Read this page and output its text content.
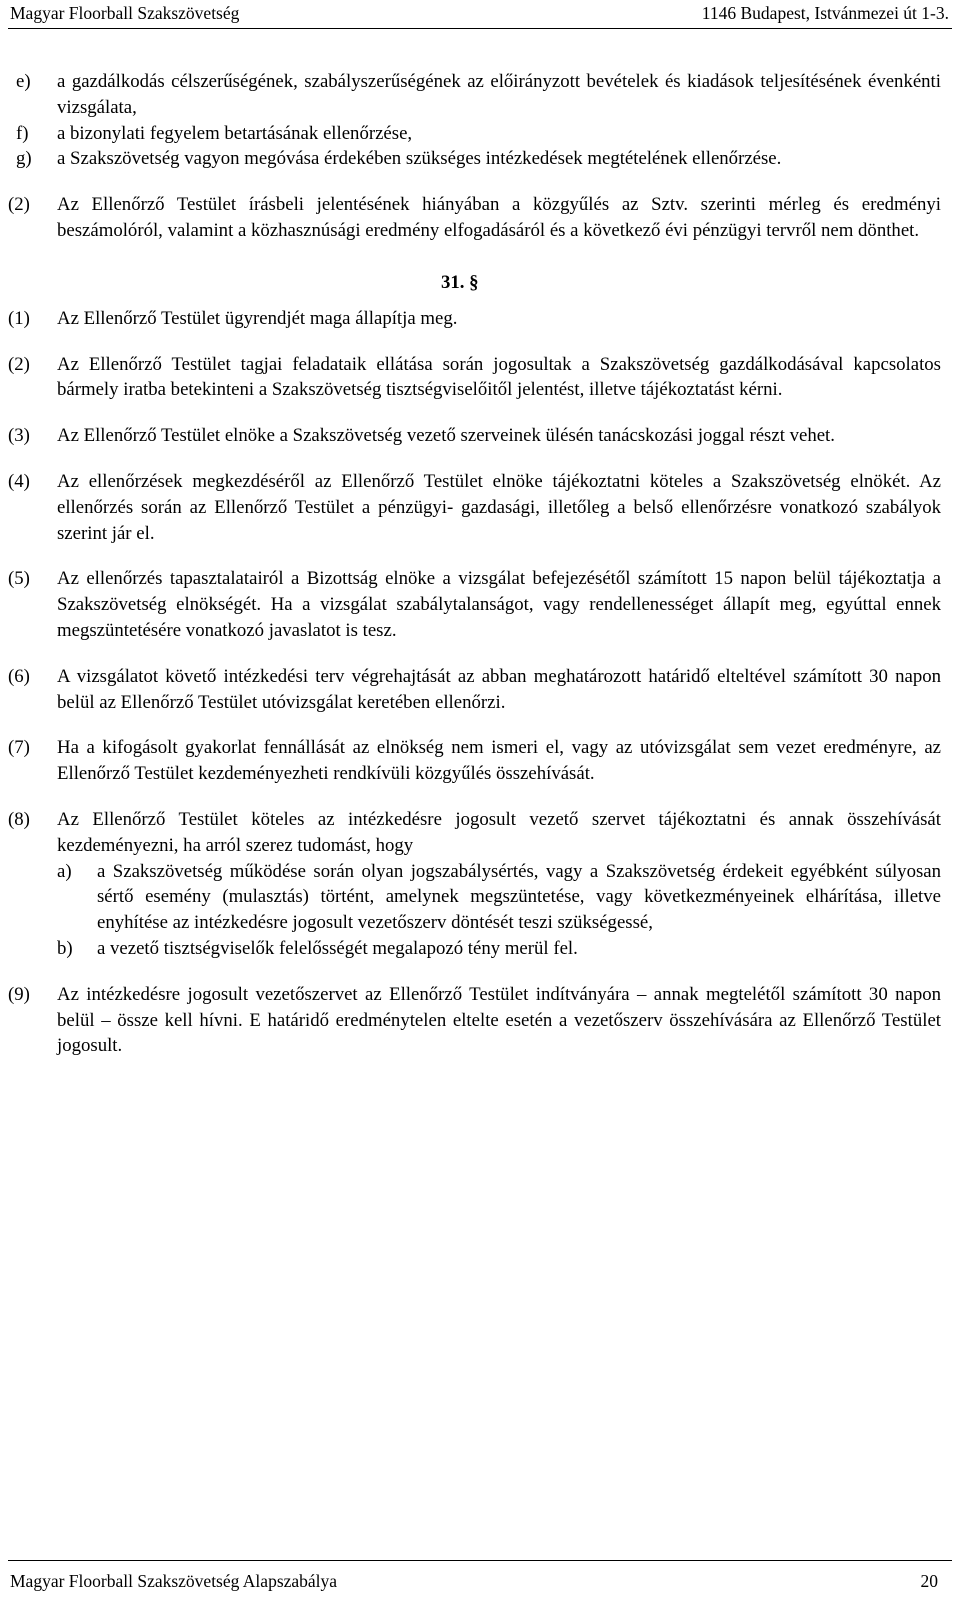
Magyar Floorball Szakszövetség	1146 Budapest, Istvánmezei út 1-3.
e) a gazdálkodás célszerűségének, szabályszerűségének az előirányzott bevételek és kiadások teljesítésének évenkénti vizsgálata,
f) a bizonylati fegyelem betartásának ellenőrzése,
g) a Szakszövetség vagyon megóvása érdekében szükséges intézkedések megtételének ellenőrzése.
(2) Az Ellenőrző Testület írásbeli jelentésének hiányában a közgyűlés az Sztv. szerinti mérleg és eredményi beszámolóról, valamint a közhasznúsági eredmény elfogadásáról és a következő évi pénzügyi tervről nem dönthet.
31. §
(1) Az Ellenőrző Testület ügyrendjét maga állapítja meg.
(2) Az Ellenőrző Testület tagjai feladataik ellátása során jogosultak a Szakszövetség gazdálkodásával kapcsolatos bármely iratba betekinteni a Szakszövetség tisztségviselőitől jelentést, illetve tájékoztatást kérni.
(3) Az Ellenőrző Testület elnöke a Szakszövetség vezető szerveinek ülésén tanácskozási joggal részt vehet.
(4) Az ellenőrzések megkezdéséről az Ellenőrző Testület elnöke tájékoztatni köteles a Szakszövetség elnökét. Az ellenőrzés során az Ellenőrző Testület a pénzügyi- gazdasági, illetőleg a belső ellenőrzésre vonatkozó szabályok szerint jár el.
(5) Az ellenőrzés tapasztalatairól a Bizottság elnöke a vizsgálat befejezésétől számított 15 napon belül tájékoztatja a Szakszövetség elnökségét. Ha a vizsgálat szabálytalanságot, vagy rendellenességet állapít meg, egyúttal ennek megszüntetésére vonatkozó javaslatot is tesz.
(6) A vizsgálatot követő intézkedési terv végrehajtását az abban meghatározott határidő elteltével számított 30 napon belül az Ellenőrző Testület utóvizsgálat keretében ellenőrzi.
(7) Ha a kifogásolt gyakorlat fennállását az elnökség nem ismeri el, vagy az utóvizsgálat sem vezet eredményre, az Ellenőrző Testület kezdeményezheti rendkívüli közgyűlés összehívását.
(8) Az Ellenőrző Testület köteles az intézkedésre jogosult vezető szervet tájékoztatni és annak összehívását kezdeményezni, ha arról szerez tudomást, hogy
a) a Szakszövetség működése során olyan jogszabálysértés, vagy a Szakszövetség érdekeit egyébként súlyosan sértő esemény (mulasztás) történt, amelynek megszüntetése, vagy következményeinek elhárítása, illetve enyhítése az intézkedésre jogosult vezetőszerv döntését teszi szükségessé,
b) a vezető tisztségviselők felelősségét megalapozó tény merül fel.
(9) Az intézkedésre jogosult vezetőszervet az Ellenőrző Testület indítványára – annak megtelétől számított 30 napon belül – össze kell hívni. E határidő eredménytelen eltelte esetén a vezetőszerv összehívására az Ellenőrző Testület jogosult.
Magyar Floorball Szakszövetség Alapszabálya	20
